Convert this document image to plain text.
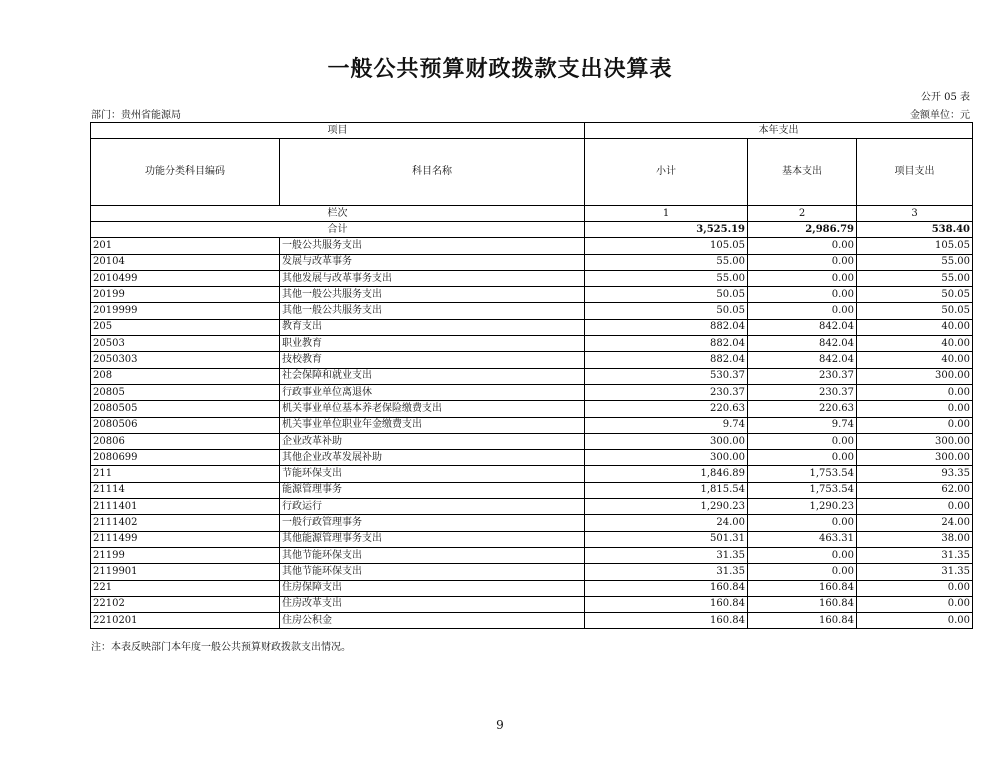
一般公共预算财政拨款支出决算表
公开 05 表
部门：贵州省能源局	金额单位：元
项目		本年支出		
功能分类科目编码	科目名称	小计	基本支出	项目支出
栏次		1	2	3
合计		3,525.19	2,986.79	538.40
201	一般公共服务支出	105.05	0.00	105.05
20104	发展与改革事务	55.00	0.00	55.00
2010499	其他发展与改革事务支出	55.00	0.00	55.00
20199	其他一般公共服务支出	50.05	0.00	50.05
2019999	其他一般公共服务支出	50.05	0.00	50.05
205	教育支出	882.04	842.04	40.00
20503	职业教育	882.04	842.04	40.00
2050303	技校教育	882.04	842.04	40.00
208	社会保障和就业支出	530.37	230.37	300.00
20805	行政事业单位离退休	230.37	230.37	0.00
2080505	机关事业单位基本养老保险缴费支出	220.63	220.63	0.00
2080506	机关事业单位职业年金缴费支出	9.74	9.74	0.00
20806	企业改革补助	300.00	0.00	300.00
2080699	其他企业改革发展补助	300.00	0.00	300.00
211	节能环保支出	1,846.89	1,753.54	93.35
21114	能源管理事务	1,815.54	1,753.54	62.00
2111401	行政运行	1,290.23	1,290.23	0.00
2111402	一般行政管理事务	24.00	0.00	24.00
2111499	其他能源管理事务支出	501.31	463.31	38.00
21199	其他节能环保支出	31.35	0.00	31.35
2119901	其他节能环保支出	31.35	0.00	31.35
221	住房保障支出	160.84	160.84	0.00
22102	住房改革支出	160.84	160.84	0.00
2210201	住房公积金	160.84	160.84	0.00
注：本表反映部门本年度一般公共预算财政拨款支出情况。
9
